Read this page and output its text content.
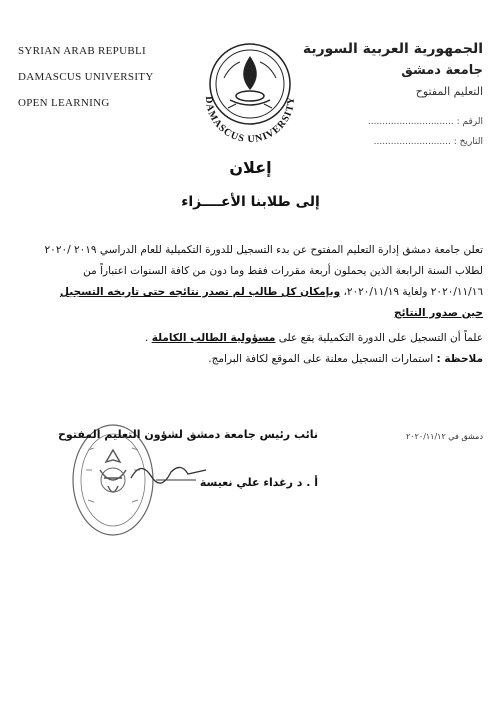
SYRIAN ARAB REPUBLI
DAMASCUS UNIVERSITY
OPEN LEARNING
الجمهورية العربية السورية
جامعة دمشق
التعليم المفتوح
الرقم : ..............................
التاريخ : ...........................
DAMASCUS UNIVERSITY
إعلان
إلى طلابنا الأعــــزاء
تعلن جامعة دمشق إدارة التعليم المفتوح عن بدء التسجيل للدورة التكميلية للعام الدراسي ٢٠١٩ /٢٠٢٠
لطلاب السنة الرابعة الذين يحملون أربعة مقررات فقط وما دون من كافة السنوات اعتباراً من
٢٠٢٠/١١/١٦ ولغاية ٢٠٢٠/١١/١٩، وبإمكان كل طالب لم تصدر نتائجه حتى تاريخه التسجيل
حين صدور النتائج
علماً أن التسجيل على الدورة التكميلية يقع على مسؤولية الطالب الكاملة .
ملاحظة : استمارات التسجيل معلنة على الموقع لكافة البرامج.
دمشق في ٢٠٢٠/١١/١٢
نائب رئيس جامعة دمشق لشؤون التعليم المفتوح
أ . د رغداء علي نعيسة
